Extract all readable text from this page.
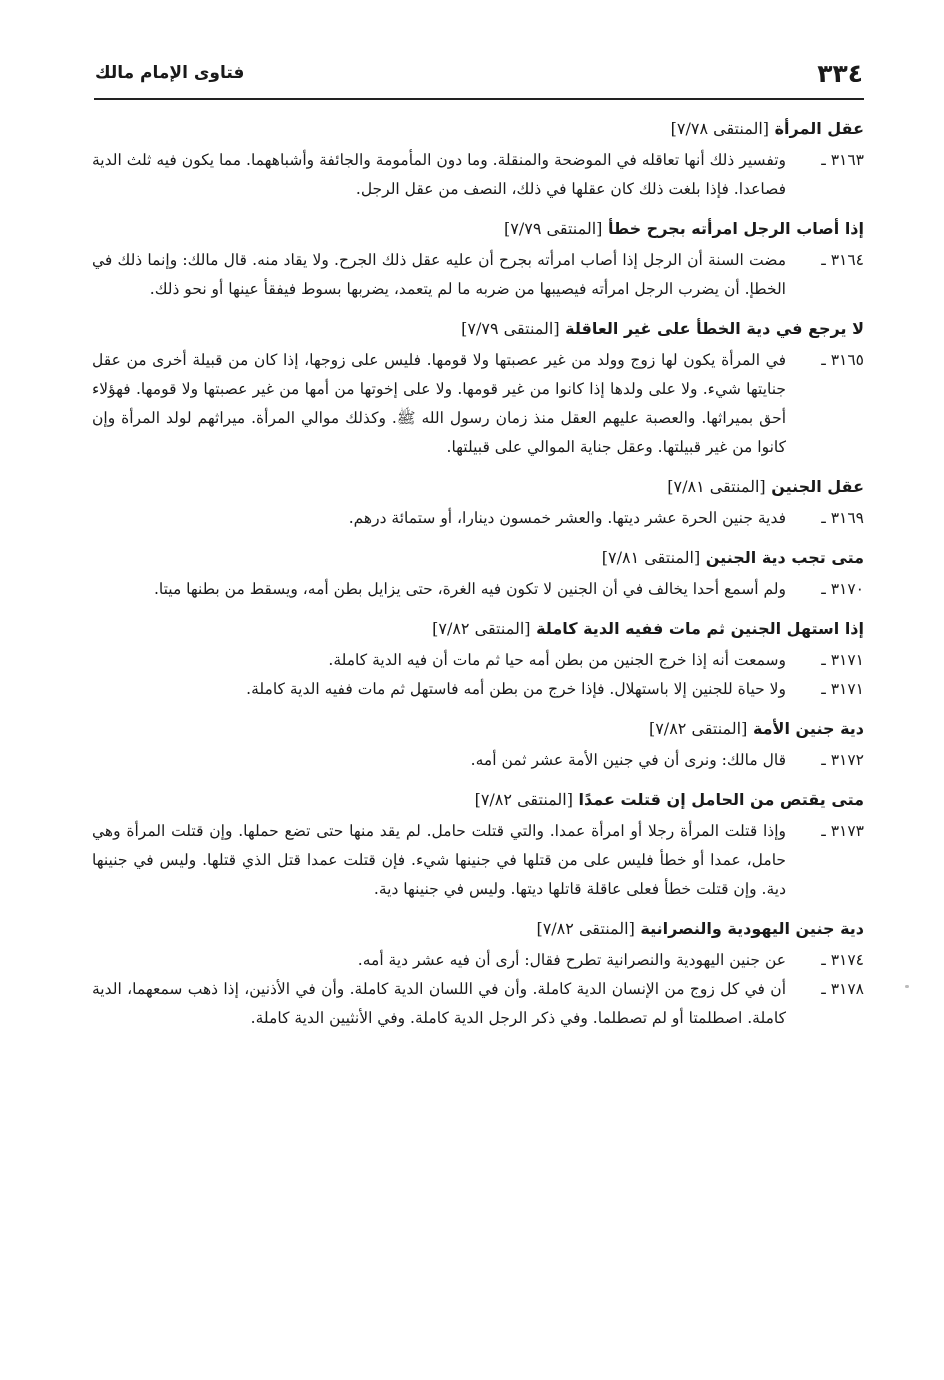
٣٣٤
فتاوى الإمام مالك
عقل المرأة [المنتقى ٧/٧٨]
٣١٦٣ ـ
وتفسير ذلك أنها تعاقله في الموضحة والمنقلة. وما دون المأمومة والجائفة وأشباههما. مما يكون فيه ثلث الدية فصاعدا. فإذا بلغت ذلك كان عقلها في ذلك، النصف من عقل الرجل.
إذا أصاب الرجل امرأته بجرح خطأ [المنتقى ٧/٧٩]
٣١٦٤ ـ
مضت السنة أن الرجل إذا أصاب امرأته بجرح أن عليه عقل ذلك الجرح. ولا يقاد منه. قال مالك: وإنما ذلك في الخطإ. أن يضرب الرجل امرأته فيصيبها من ضربه ما لم يتعمد، يضربها بسوط فيفقأ عينها أو نحو ذلك.
لا يرجع في دية الخطأ على غير العاقلة [المنتقى ٧/٧٩]
٣١٦٥ ـ
في المرأة يكون لها زوج وولد من غير عصبتها ولا قومها. فليس على زوجها، إذا كان من قبيلة أخرى من عقل جنايتها شيء. ولا على ولدها إذا كانوا من غير قومها. ولا على إخوتها من أمها من غير عصبتها ولا قومها. فهؤلاء أحق بميراثها. والعصبة عليهم العقل منذ زمان رسول الله ﷺ. وكذلك موالي المرأة. ميراثهم لولد المرأة وإن كانوا من غير قبيلتها. وعقل جناية الموالي على قبيلتها.
عقل الجنين [المنتقى ٧/٨١]
٣١٦٩ ـ
فدية جنين الحرة عشر ديتها. والعشر خمسون دينارا، أو ستمائة درهم.
متى تجب دية الجنين [المنتقى ٧/٨١]
٣١٧٠ ـ
ولم أسمع أحدا يخالف في أن الجنين لا تكون فيه الغرة، حتى يزايل بطن أمه، ويسقط من بطنها ميتا.
إذا استهل الجنين ثم مات ففيه الدية كاملة [المنتقى ٧/٨٢]
٣١٧١ ـ
وسمعت أنه إذا خرج الجنين من بطن أمه حيا ثم مات أن فيه الدية كاملة.
٣١٧١ ـ
ولا حياة للجنين إلا باستهلال. فإذا خرج من بطن أمه فاستهل ثم مات ففيه الدية كاملة.
دية جنين الأمة [المنتقى ٧/٨٢]
٣١٧٢ ـ
قال مالك: ونرى أن في جنين الأمة عشر ثمن أمه.
متى يقتص من الحامل إن قتلت عمدًا [المنتقى ٧/٨٢]
٣١٧٣ ـ
وإذا قتلت المرأة رجلا أو امرأة عمدا. والتي قتلت حامل. لم يقد منها حتى تضع حملها. وإن قتلت المرأة وهي حامل، عمدا أو خطأ فليس على من قتلها في جنينها شيء. فإن قتلت عمدا قتل الذي قتلها. وليس في جنينها دية. وإن قتلت خطأ فعلى عاقلة قاتلها ديتها. وليس في جنينها دية.
دية جنين اليهودية والنصرانية [المنتقى ٧/٨٢]
٣١٧٤ ـ
عن جنين اليهودية والنصرانية تطرح فقال: أرى أن فيه عشر دية أمه.
٣١٧٨ ـ
أن في كل زوج من الإنسان الدية كاملة. وأن في اللسان الدية كاملة. وأن في الأذنين، إذا ذهب سمعهما، الدية كاملة. اصطلمتا أو لم تصطلما. وفي ذكر الرجل الدية كاملة. وفي الأنثيين الدية كاملة.
